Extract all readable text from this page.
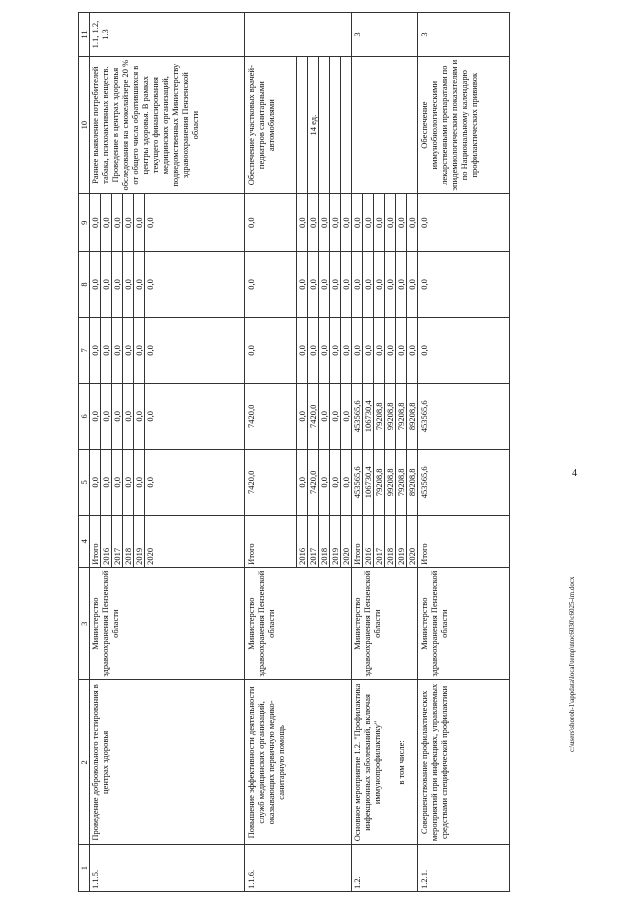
4
c:\users\shoroh-1\appdata\local\temp\ntoc6030\c6025-im.docx
1	2	3	4	5	6	7	8	9	10	11
1.1.5.	Проведение добровольного тестирования в центрах здоровья	Министерство здравоохранения Пензенской области	Итого	0,0	0,0	0,0	0,0	0,0	Раннее выявление потребителей табака, психоактивных веществ. Проведение в центрах здоровья обследования на смокелайзере 20 % от общего числа обратившихся в центры здоровья. В рамках текущего финансирования медицинских организаций, подведомственных Министерству здравоохранения Пензенской области	1.1, 1.2, 1.3
			2016	0,0	0,0	0,0	0,0	0,0		
			2017	0,0	0,0	0,0	0,0	0,0		
			2018	0,0	0,0	0,0	0,0	0,0		
			2019	0,0	0,0	0,0	0,0	0,0		
			2020	0,0	0,0	0,0	0,0	0,0		
1.1.6.	Повышение эффективности деятельности служб медицинских организаций, оказывающих первичную медико-санитарную помощь	Министерство здравоохранения Пензенской области	Итого	7420,0	7420,0	0,0	0,0	0,0	Обеспечение участковых врачей-педиатров санитарными автомобилями	
			2016	0,0	0,0	0,0	0,0	0,0		
			2017	7420,0	7420,0	0,0	0,0	0,0	14 ед.	
			2018	0,0	0,0	0,0	0,0	0,0		
			2019	0,0	0,0	0,0	0,0	0,0		
			2020	0,0	0,0	0,0	0,0	0,0		
1.2.	Основное мероприятие 1.2. "Профилактика инфекционных заболеваний, включая иммунопрофилактику" в том числе:	Министерство здравоохранения Пензенской области	Итого	453565,6	453565,6	0,0	0,0	0,0		3
			2016	106730,4	106730,4	0,0	0,0	0,0		
			2017	79208,8	79208,8	0,0	0,0	0,0		
			2018	99208,8	99208,8	0,0	0,0	0,0		
			2019	79208,8	79208,8	0,0	0,0	0,0		
			2020	89208,8	89208,8	0,0	0,0	0,0		
1.2.1.	Совершенствование профилактических мероприятий при инфекциях, управляемых средствами специфической профилактики	Министерство здравоохранения Пензенской области	Итого	453565,6	453565,6	0,0	0,0	0,0	Обеспечение иммунобиологическими лекарственными препаратами по эпидемиологическим показателям и по Национальному календарю профилактических прививок	3
